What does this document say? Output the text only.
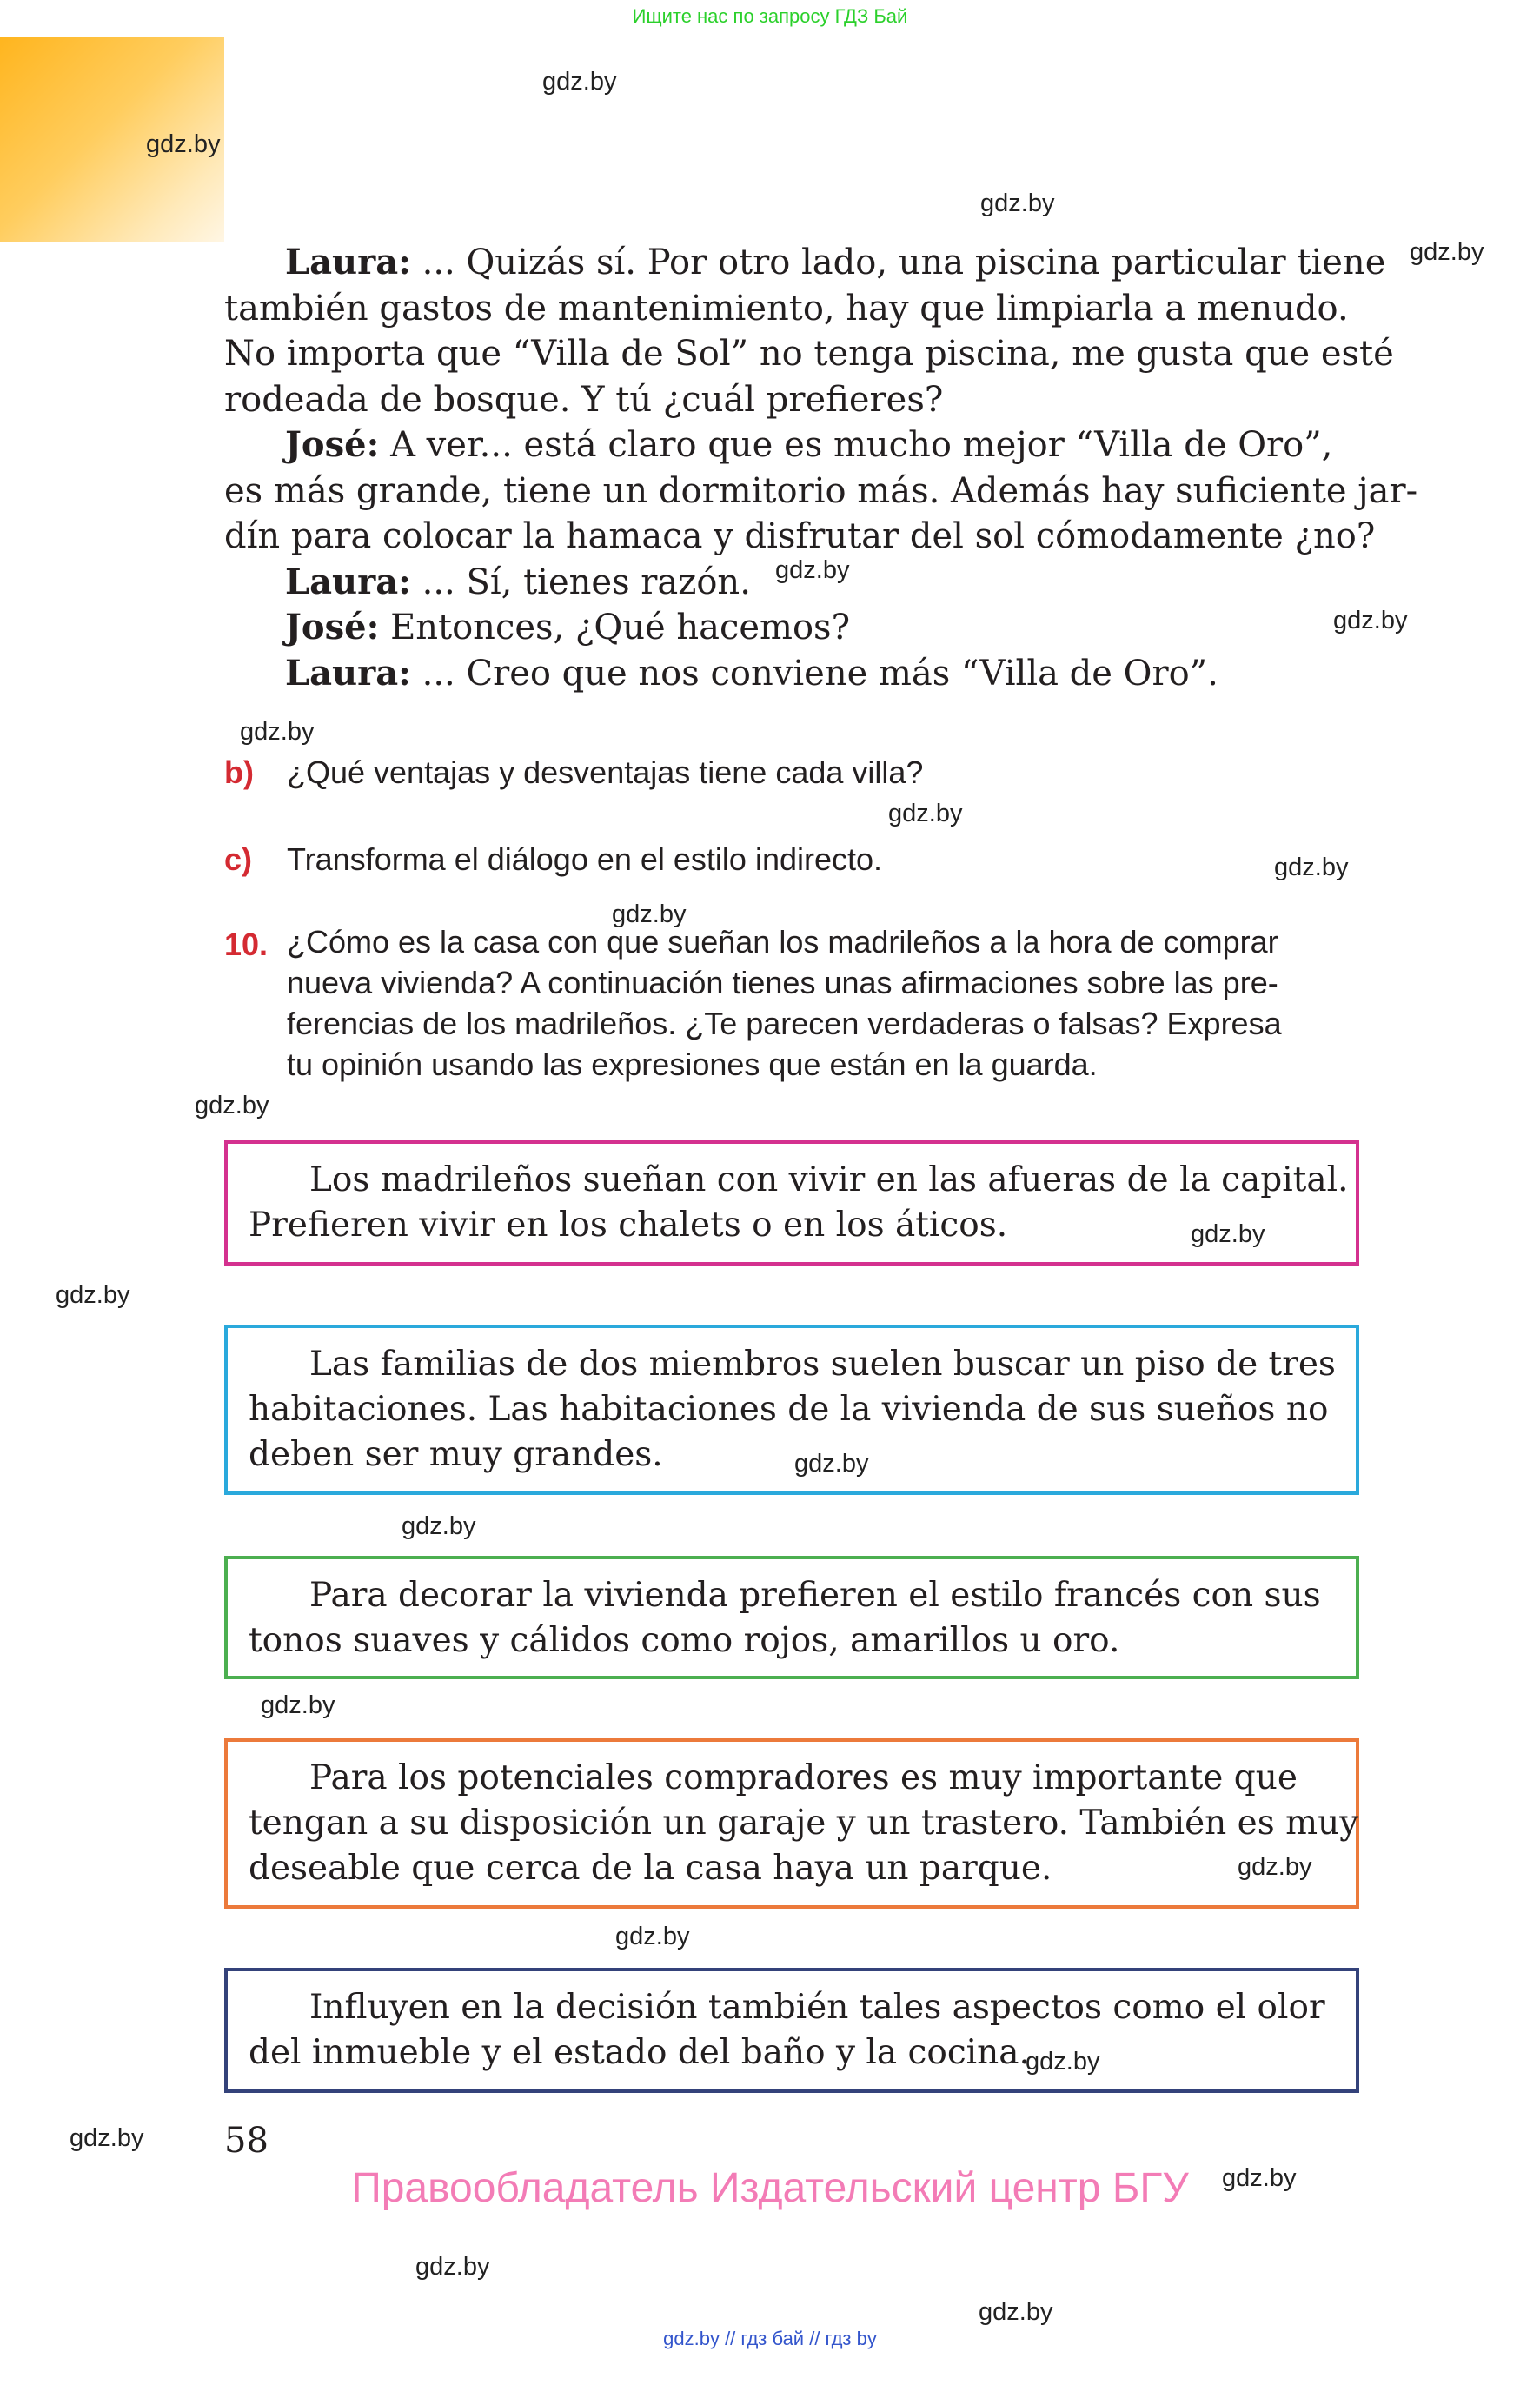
Ищите нас по запросу ГДЗ Бай
gdz.by
gdz.by
gdz.by
gdz.by
gdz.by
gdz.by
gdz.by
gdz.by
gdz.by
gdz.by
gdz.by
gdz.by
gdz.by
gdz.by
gdz.by
gdz.by
gdz.by
gdz.by
gdz.by
gdz.by
gdz.by
gdz.by
gdz.by
Laura:
... Quizás sí. Por otro lado, una piscina particular tiene
también gastos de mantenimiento, hay que limpiarla a menudo.
No importa que “Villa de Sol” no tenga piscina, me gusta que esté
rodeada de bosque. Y tú ¿cuál prefieres?
José:
A ver... está claro que es mucho mejor “Villa de Oro”,
es más grande, tiene un dormitorio más. Además hay suficiente jar-
dín para colocar la hamaca y disfrutar del sol cómodamente ¿no?
Laura:
... Sí, tienes razón.
José:
Entonces, ¿Qué hacemos?
Laura:
... Creo que nos conviene más “Villa de Oro”.
b) ¿Qué ventajas y desventajas tiene cada villa?
c) Transforma el diálogo en el estilo indirecto.
10. ¿Cómo es la casa con que sueñan los madrileños a la hora de comprar
nueva vivienda? A continuación tienes unas afirmaciones sobre las pre-
ferencias de los madrileños. ¿Te parecen verdaderas o falsas? Expresa
tu opinión usando las expresiones que están en la guarda.
Los madrileños sueñan con vivir en las afueras de la capital.
Prefieren vivir en los chalets o en los áticos.
Las familias de dos miembros suelen buscar un piso de tres
habitaciones. Las habitaciones de la vivienda de sus sueños no
deben ser muy grandes.
Para decorar la vivienda prefieren el estilo francés con sus
tonos suaves y cálidos como rojos, amarillos u oro.
Para los potenciales compradores es muy importante que
tengan a su disposición un garaje y un trastero. También es muy
deseable que cerca de la casa haya un parque.
Influyen en la decisión también tales aspectos como el olor
del inmueble y el estado del baño y la cocina.
58
Правообладатель Издательский центр БГУ
gdz.by // гдз бай // гдз by
